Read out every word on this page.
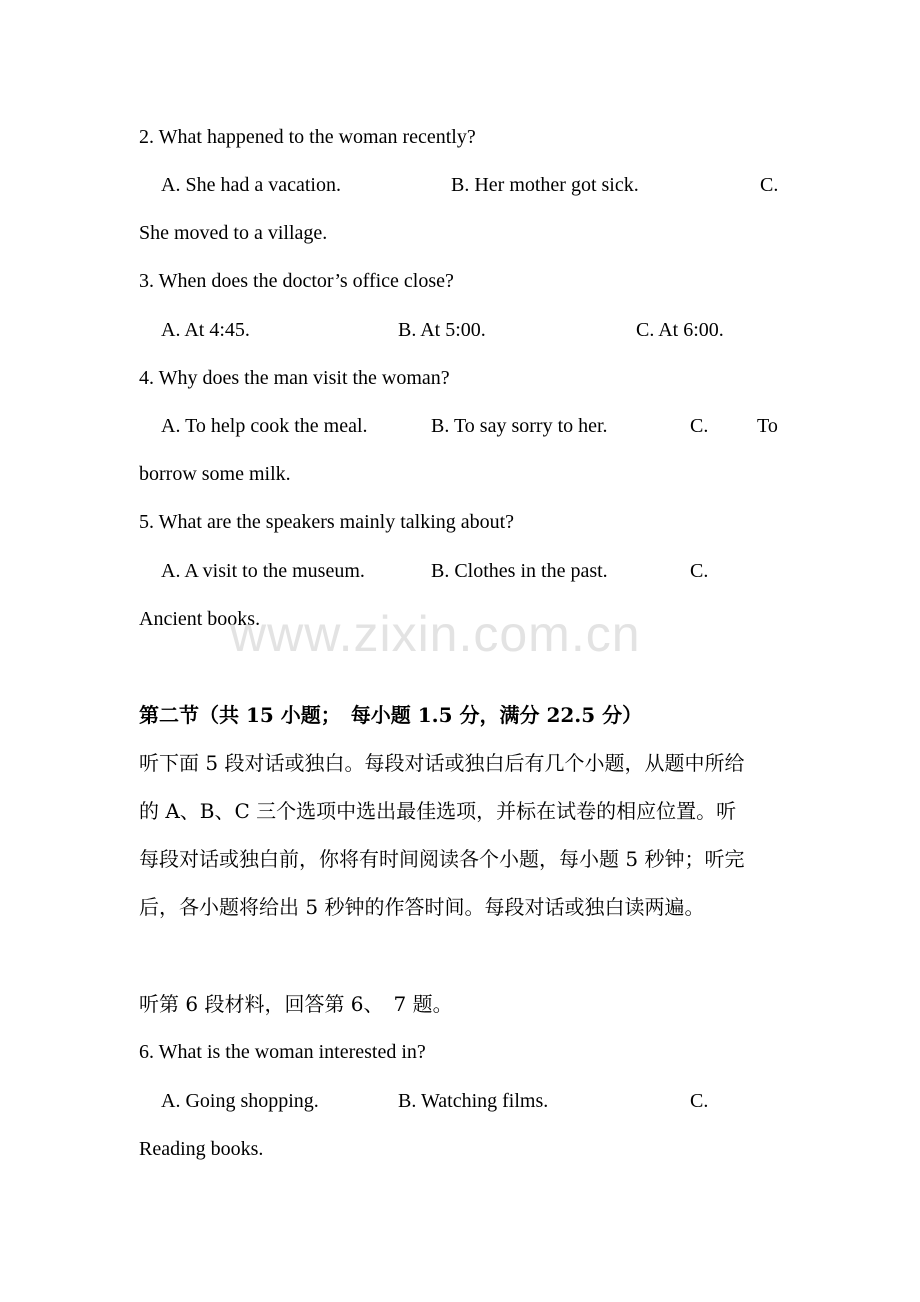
2. What happened to the woman recently?
A. She had a vacation.	B. Her mother got sick.	C.
She moved to a village.
3. When does the doctor’s office close?
A. At 4:45.	B. At 5:00.	C. At 6:00.
4. Why does the man visit the woman?
A. To help cook the meal.	B. To say sorry to her.	C. To
borrow some milk.
5. What are the speakers mainly talking about?
A. A visit to the museum.	B. Clothes in the past.	C.
Ancient books.
www.zixin.com.cn
第二节（共 15 小题；　每小题 1.5 分，满分 22.5 分）
听下面 5 段对话或独白。每段对话或独白后有几个小题，从题中所给
的 A、B、C 三个选项中选出最佳选项，并标在试卷的相应位置。听
每段对话或独白前，你将有时间阅读各个小题，每小题 5 秒钟；听完
后，各小题将给出 5 秒钟的作答时间。每段对话或独白读两遍。
听第 6 段材料，回答第 6、　7 题。
6. What is the woman interested in?
A. Going shopping.	B. Watching films.	C.
Reading books.
